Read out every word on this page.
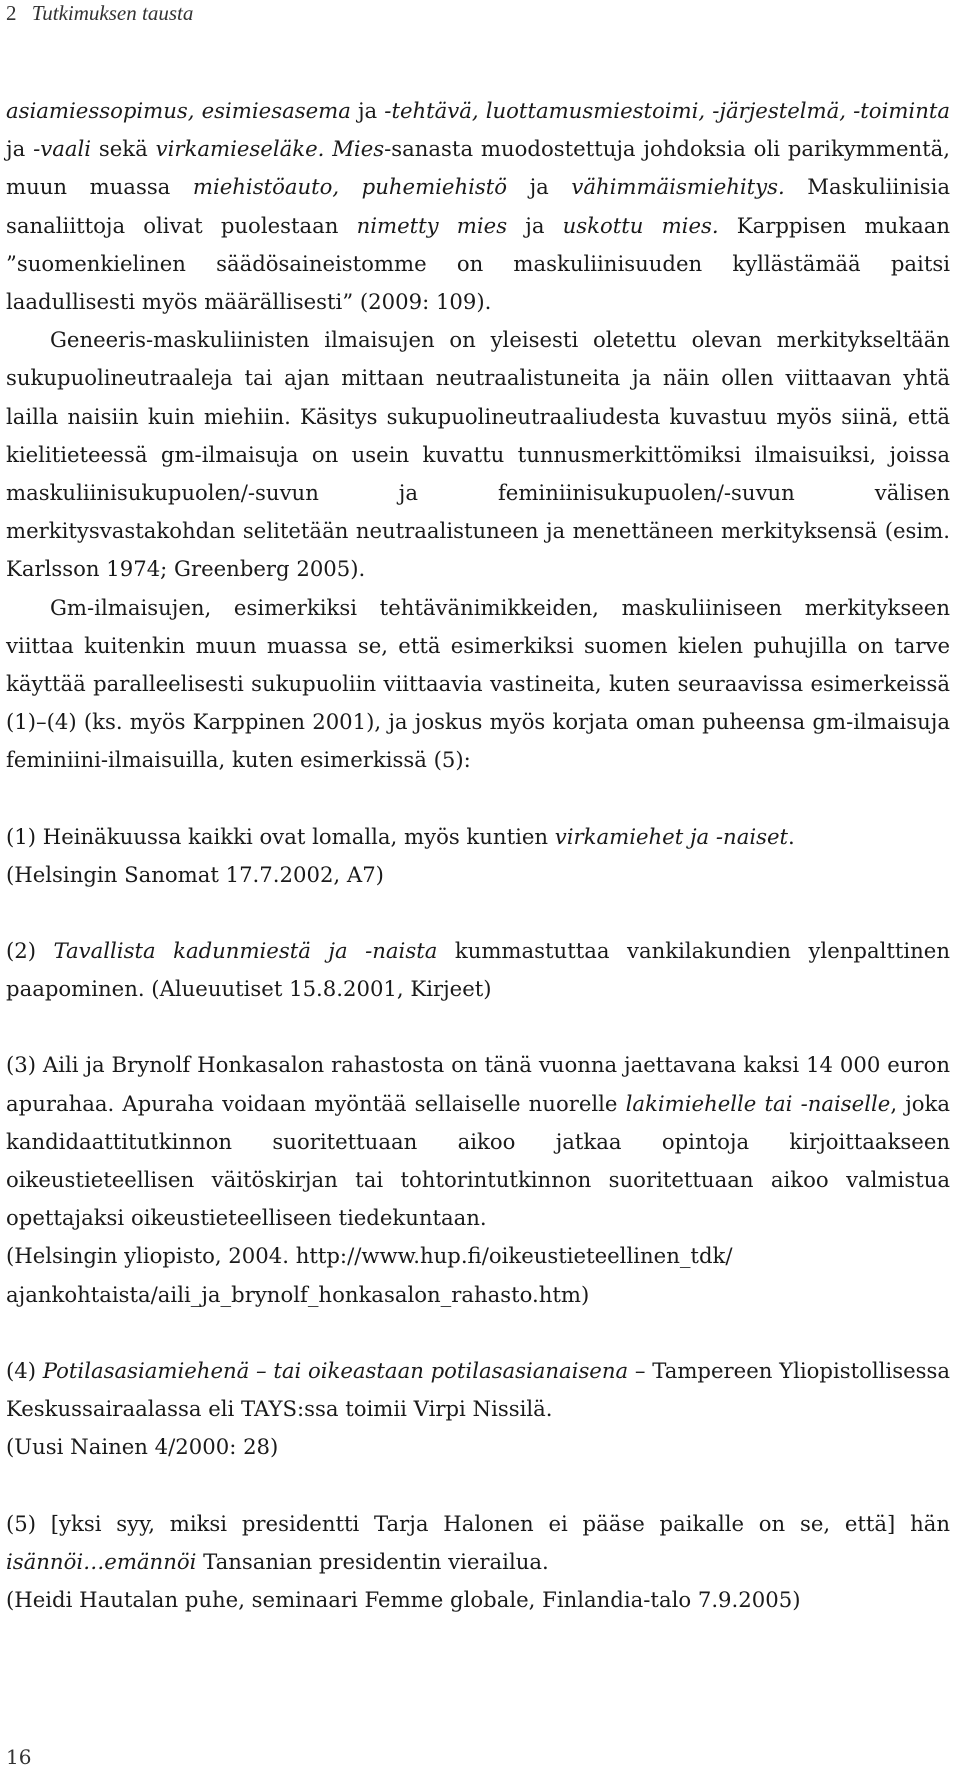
2 Tutkimuksen tausta

asiamiessopimus, esimiesasema ja -tehtävä, luottamusmiestoimi, -järjestelmä, -toiminta ja -vaali sekä virkamieseläke. Mies-sanasta muodostettuja johdoksia oli parikymmentä, muun muassa miehistöauto, puhemiehistö ja vähimmäismiehitys. Maskuliinisia sanaliittoja olivat puolestaan nimetty mies ja uskottu mies. Karppisen mukaan ”suomenkielinen säädösaineistomme on maskuliinisuuden kyllästämää paitsi laadullisesti myös määrällisesti” (2009: 109).

Geneeris-maskuliinisten ilmaisujen on yleisesti oletettu olevan merkitykseltään sukupuolineutraaleja tai ajan mittaan neutraalistuneita ja näin ollen viittaavan yhtä lailla naisiin kuin miehiin. Käsitys sukupuolineutraaliudesta kuvastuu myös siinä, että kielitieteessä gm-ilmaisuja on usein kuvattu tunnusmerkittömiksi ilmaisuiksi, joissa maskuliinisukupuolen/-suvun ja feminiinisukupuolen/-suvun välisen merkitysvastakohdan selitetään neutraalistuneen ja menettäneen merkityksensä (esim. Karlsson 1974; Greenberg 2005).

Gm-ilmaisujen, esimerkiksi tehtävänimikkeiden, maskuliiniseen merkitykseen viittaa kuitenkin muun muassa se, että esimerkiksi suomen kielen puhujilla on tarve käyttää paralleelisesti sukupuoliin viittaavia vastineita, kuten seuraavissa esimerkeissä (1)–(4) (ks. myös Karppinen 2001), ja joskus myös korjata oman puheensa gm-ilmaisuja feminiini-ilmaisuilla, kuten esimerkissä (5):

(1) Heinäkuussa kaikki ovat lomalla, myös kuntien virkamiehet ja -naiset.
(Helsingin Sanomat 17.7.2002, A7)
(2) Tavallista kadunmiestä ja -naista kummastuttaa vankilakundien ylenpalttinen paapominen. (Alueuutiset 15.8.2001, Kirjeet)
(3) Aili ja Brynolf Honkasalon rahastosta on tänä vuonna jaettavana kaksi 14 000 euron apurahaa. Apuraha voidaan myöntää sellaiselle nuorelle lakimiehelle tai -naiselle, joka kandidaattitutkinnon suoritettuaan aikoo jatkaa opintoja kirjoittaakseen oikeustieteellisen väitöskirjan tai tohtorintutkinnon suoritettuaan aikoo valmistua opettajaksi oikeustieteelliseen tiedekuntaan.
(Helsingin yliopisto, 2004. http://www.hup.fi/oikeustieteellinen_tdk/
ajankohtaista/aili_ja_brynolf_honkasalon_rahasto.htm)
(4) Potilasasiamiehenä – tai oikeastaan potilasasianaisena – Tampereen Yliopistollisessa Keskussairaalassa eli TAYS:ssa toimii Virpi Nissilä.
(Uusi Nainen 4/2000: 28)
(5) [yksi syy, miksi presidentti Tarja Halonen ei pääse paikalle on se, että] hän isännöi…emännöi Tansanian presidentin vierailua.
(Heidi Hautalan puhe, seminaari Femme globale, Finlandia-talo 7.9.2005)
16
